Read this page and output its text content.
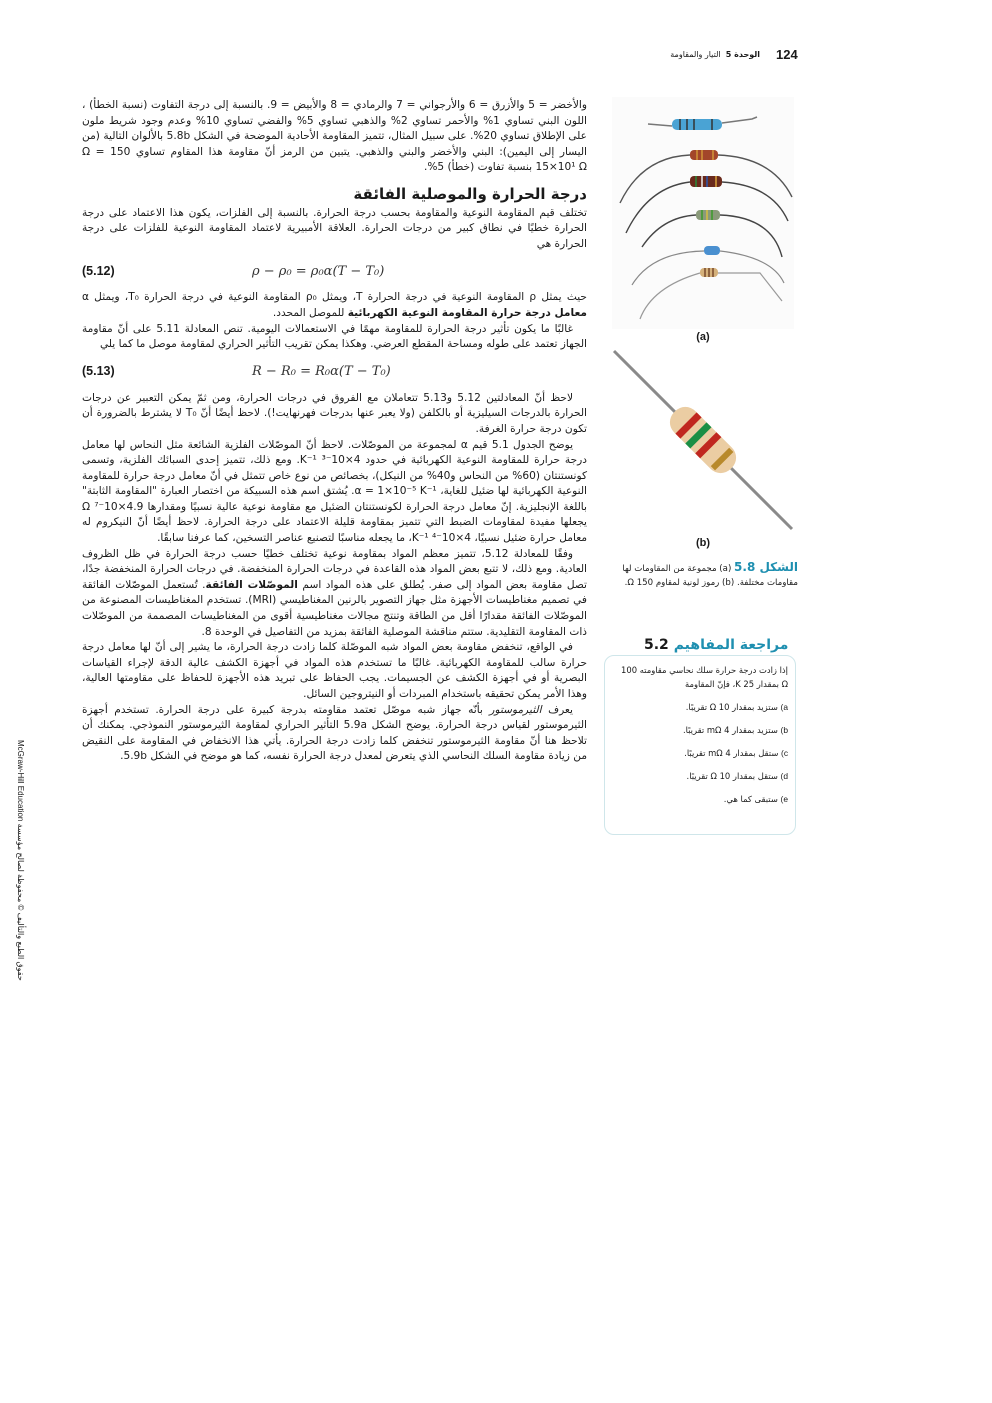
124
الوحدة 5  التيار والمقاومة

والأخضر = 5 والأزرق = 6 والأرجواني = 7 والرمادي = 8 والأبيض = 9. بالنسبة إلى درجة التفاوت (نسبة الخطأ) ، اللون البني تساوي 1% والأحمر تساوي 2% والذهبي تساوي 5% والفضي تساوي 10% وعدم وجود شريط ملون على الإطلاق تساوي 20%. على سبيل المثال، تتميز المقاومة الأحادية الموضحة في الشكل 5.8b بالألوان التالية (من اليسار إلى اليمين): البني والأخضر والبني والذهبي. يتبين من الرمز أنّ مقاومة هذا المقاوم تساوي 150 Ω = 15×10¹ Ω بنسبة تفاوت (خطأ) 5%.

درجة الحرارة والموصلية الفائقة

تختلف قيم المقاومة النوعية والمقاومة بحسب درجة الحرارة. بالنسبة إلى الفلزات، يكون هذا الاعتماد على درجة الحرارة خطيًا في نطاق كبير من درجات الحرارة. العلاقة الأمبيرية لاعتماد المقاومة النوعية للفلزات على درجة الحرارة هي

(5.12)	ρ − ρ₀ = ρ₀α(T − T₀)

حيث يمثل ρ المقاومة النوعية في درجة الحرارة T، ويمثل ρ₀ المقاومة النوعية في درجة الحرارة T₀، ويمثل α معامل درجة حرارة المقاومة النوعية الكهربائية للموصل المحدد.

غالبًا ما يكون تأثير درجة الحرارة للمقاومة مهمًا في الاستعمالات اليومية. تنص المعادلة 5.11 على أنّ مقاومة الجهاز تعتمد على طوله ومساحة المقطع العرضي. وهكذا يمكن تقريب التأثير الحراري لمقاومة موصل ما كما يلي

(5.13)	R − R₀ = R₀α(T − T₀)

لاحظ أنّ المعادلتين 5.12 و5.13 تتعاملان مع الفروق في درجات الحرارة، ومن ثمّ يمكن التعبير عن درجات الحرارة بالدرجات السيليزية أو بالكلفن (ولا يعبر عنها بدرجات فهرنهايت!). لاحظ أيضًا أنّ T₀ لا يشترط بالضرورة أن تكون درجة حرارة الغرفة.

يوضح الجدول 5.1 قيم α لمجموعة من الموصّلات. لاحظ أنّ الموصّلات الفلزية الشائعة مثل النحاس لها معامل درجة حرارة للمقاومة النوعية الكهربائية في حدود 4×10⁻³ K⁻¹. ومع ذلك، تتميز إحدى السبائك الفلزية، وتسمى كونستنتان (60% من النحاس و40% من النيكل)، بخصائص من نوع خاص تتمثل في أنّ معامل درجة حرارة للمقاومة النوعية الكهربائية لها ضئيل للغاية، α = 1×10⁻⁵ K⁻¹. يُشتق اسم هذه السبيكة من اختصار العبارة "المقاومة الثابتة" باللغة الإنجليزية. إنّ معامل درجة الحرارة لكونستنتان الضئيل مع مقاومة نوعية عالية نسبيًا ومقدارها 4.9×10⁻⁷ Ω يجعلها مفيدة لمقاومات الضبط التي تتميز بمقاومة قليلة الاعتماد على درجة الحرارة. لاحظ أيضًا أنّ النيكروم له معامل حرارة ضئيل نسبيًا، 4×10⁻⁴ K⁻¹، ما يجعله مناسبًا لتصنيع عناصر التسخين، كما عرفنا سابقًا.

وفقًا للمعادلة 5.12، تتميز معظم المواد بمقاومة نوعية تختلف خطيًا حسب درجة الحرارة في ظل الظروف العادية. ومع ذلك، لا تتبع بعض المواد هذه القاعدة في درجات الحرارة المنخفضة. في درجات الحرارة المنخفضة جدًا، تصل مقاومة بعض المواد إلى صفر. يُطلق على هذه المواد اسم الموصّلات الفائقة. تُستعمل الموصّلات الفائقة في تصميم مغناطيسات الأجهزة مثل جهاز التصوير بالرنين المغناطيسي (MRI). تستخدم المغناطيسات المصنوعة من الموصّلات الفائقة مقدارًا أقل من الطاقة وتنتج مجالات مغناطيسية أقوى من المغناطيسات المصممة من الموصّلات ذات المقاومة التقليدية. ستتم مناقشة الموصلية الفائقة بمزيد من التفاصيل في الوحدة 8.

في الواقع، تنخفض مقاومة بعض المواد شبه الموصّلة كلما زادت درجة الحرارة، ما يشير إلى أنّ لها معامل درجة حرارة سالب للمقاومة الكهربائية. غالبًا ما تستخدم هذه المواد في أجهزة الكشف عالية الدقة لإجراء القياسات البصرية أو في أجهزة الكشف عن الجسيمات. يجب الحفاظ على تبريد هذه الأجهزة للحفاظ على مقاومتها العالية، وهذا الأمر يمكن تحقيقه باستخدام المبردات أو النيتروجين السائل.

يعرف الثيرموستور بأنّه جهاز شبه موصّل تعتمد مقاومته بدرجة كبيرة على درجة الحرارة. تستخدم أجهزة الثيرموستور لقياس درجة الحرارة. يوضح الشكل 5.9a التأثير الحراري لمقاومة الثيرموستور النموذجي. يمكنك أن تلاحظ هنا أنّ مقاومة الثيرموستور تنخفض كلما زادت درجة الحرارة. يأتي هذا الانخفاض في المقاومة على النقيض من زيادة مقاومة السلك النحاسي الذي يتعرض لمعدل درجة الحرارة نفسه، كما هو موضح في الشكل 5.9b.

(a)
(b)
الشكل 5.8 (a) مجموعة من المقاومات لها مقاومات مختلفة. (b) رموز لونية لمقاوم 150 Ω.
مراجعة المفاهيم 5.2
إذا زادت درجة حرارة سلك نحاسي مقاومته 100 Ω بمقدار 25 K، فإنّ المقاومة
a) ستزيد بمقدار 10 Ω تقريبًا.
b) ستزيد بمقدار 4 mΩ تقريبًا.
c) ستقل بمقدار 4 mΩ تقريبًا.
d) ستقل بمقدار 10 Ω تقريبًا.
e) ستبقى كما هي.
McGraw-Hill Education حقوق الطبع والتأليف © محفوظة لصالح مؤسسة
